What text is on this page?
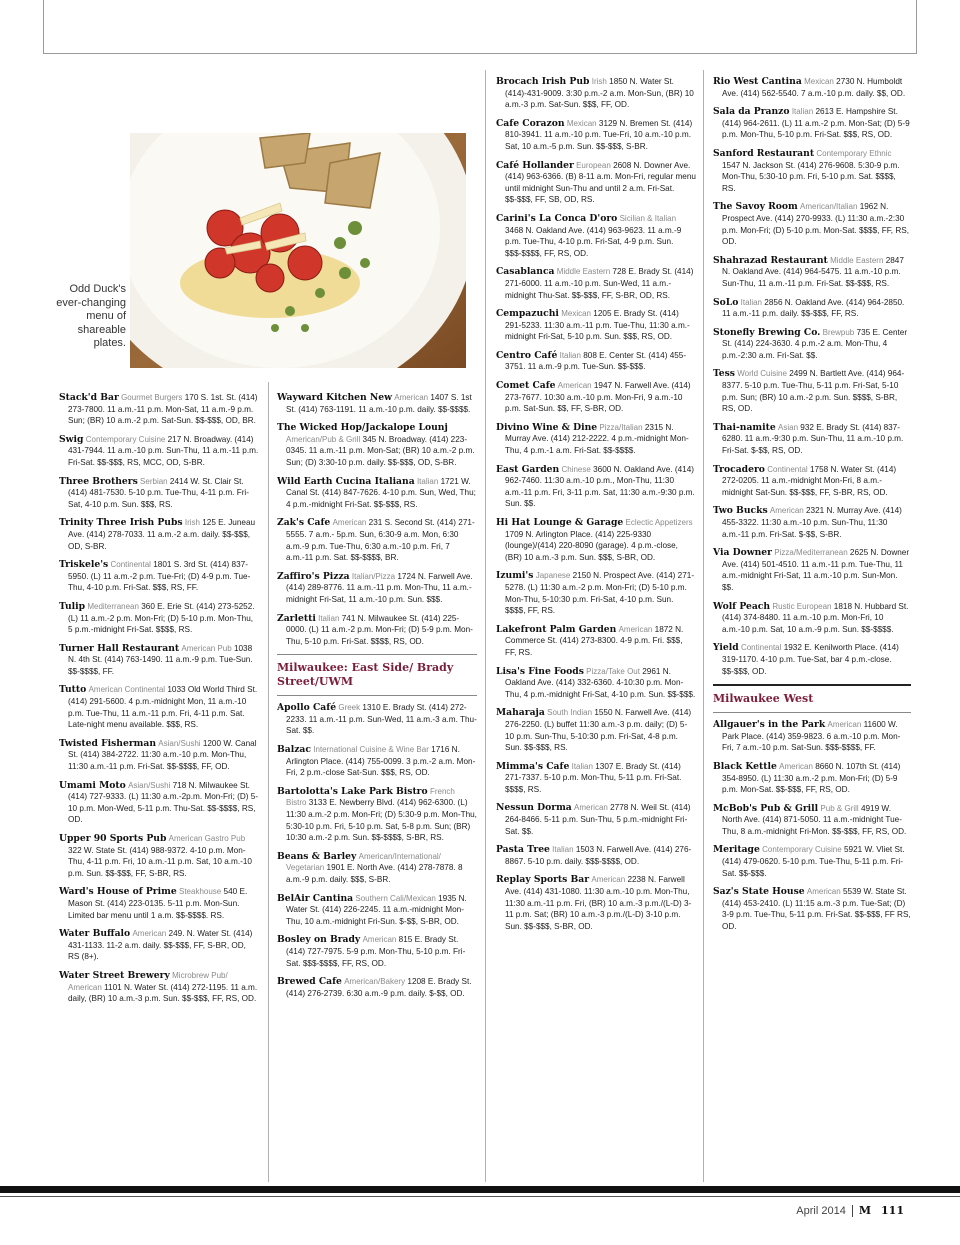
Odd Duck's ever-changing menu of shareable plates.
Stack'd Bar Gourmet Burgers 170 S. 1st. St. (414) 273-7800. 11 a.m.-11 p.m. Mon-Sat, 11 a.m.-9 p.m. Sun; (BR) 10 a.m.-2 p.m. Sat-Sun. $$-$$$, OD, BR.
Swig Contemporary Cuisine 217 N. Broadway. (414) 431-7944. 11 a.m.-10 p.m. Sun-Thu, 11 a.m.-11 p.m. Fri-Sat. $$-$$$, RS, MCC, OD, S-BR.
Three Brothers Serbian 2414 W. St. Clair St. (414) 481-7530. 5-10 p.m. Tue-Thu, 4-11 p.m. Fri-Sat, 4-10 p.m. Sun. $$$, RS.
Trinity Three Irish Pubs Irish 125 E. Juneau Ave. (414) 278-7033. 11 a.m.-2 a.m. daily. $$-$$$, OD, S-BR.
Triskele's Continental 1801 S. 3rd St. (414) 837-5950. (L) 11 a.m.-2 p.m. Tue-Fri; (D) 4-9 p.m. Tue-Thu, 4-10 p.m. Fri-Sat. $$$, RS, FF.
Tulip Mediterranean 360 E. Erie St. (414) 273-5252. (L) 11 a.m.-2 p.m. Mon-Fri; (D) 5-10 p.m. Mon-Thu, 5 p.m.-midnight Fri-Sat. $$$$, RS.
Turner Hall Restaurant American Pub 1038 N. 4th St. (414) 763-1490. 11 a.m.-9 p.m. Tue-Sun. $$-$$$$, FF.
Tutto American Continental 1033 Old World Third St. (414) 291-5600. 4 p.m.-midnight Mon, 11 a.m.-10 p.m. Tue-Thu, 11 a.m.-11 p.m. Fri, 4-11 p.m. Sat. Late-night menu available. $$$, RS.
Twisted Fisherman Asian/Sushi 1200 W. Canal St. (414) 384-2722. 11:30 a.m.-10 p.m. Mon-Thu, 11:30 a.m.-11 p.m. Fri-Sat. $$-$$$$, FF, OD.
Umami Moto Asian/Sushi 718 N. Milwaukee St. (414) 727-9333. (L) 11:30 a.m.-2p.m. Mon-Fri; (D) 5-10 p.m. Mon-Wed, 5-11 p.m. Thu-Sat. $$-$$$$, RS, OD.
Upper 90 Sports Pub American Gastro Pub 322 W. State St. (414) 988-9372. 4-10 p.m. Mon-Thu, 4-11 p.m. Fri, 10 a.m.-11 p.m. Sat, 10 a.m.-10 p.m. Sun. $$-$$$, FF, S-BR, RS.
Ward's House of Prime Steakhouse 540 E. Mason St. (414) 223-0135. 5-11 p.m. Mon-Sun. Limited bar menu until 1 a.m. $$-$$$$. RS.
Water Buffalo American 249. N. Water St. (414) 431-1133. 11-2 a.m. daily. $$-$$$, FF, S-BR, OD, RS (8+).
Water Street Brewery Microbrew Pub/ American 1101 N. Water St. (414) 272-1195. 11 a.m. daily, (BR) 10 a.m.-3 p.m. Sun. $$-$$$, FF, RS, OD.
Wayward Kitchen New American 1407 S. 1st St. (414) 763-1191. 11 a.m.-10 p.m. daily. $$-$$$$.
The Wicked Hop/Jackalope Lounj American/Pub & Grill 345 N. Broadway. (414) 223-0345. 11 a.m.-11 p.m. Mon-Sat; (BR) 10 a.m.-2 p.m. Sun; (D) 3:30-10 p.m. daily. $$-$$$, OD, S-BR.
Wild Earth Cucina Italiana Italian 1721 W. Canal St. (414) 847-7626. 4-10 p.m. Sun, Wed, Thu; 4 p.m.-midnight Fri-Sat. $$-$$$, RS.
Zak's Cafe American 231 S. Second St. (414) 271-5555. 7 a.m.- 5p.m. Sun, 6:30-9 a.m. Mon, 6:30 a.m.-9 p.m. Tue-Thu, 6:30 a.m.-10 p.m. Fri, 7 a.m.-11 p.m. Sat. $$-$$$$, BR.
Zaffiro's Pizza Italian/Pizza 1724 N. Farwell Ave. (414) 289-8776. 11 a.m.-11 p.m. Mon-Thu, 11 a.m.-midnight Fri-Sat, 11 a.m.-10 p.m. Sun. $$$.
Zarletti Italian 741 N. Milwaukee St. (414) 225-0000. (L) 11 a.m.-2 p.m. Mon-Fri; (D) 5-9 p.m. Mon-Thu, 5-10 p.m. Fri-Sat. $$$$, RS, OD.
Milwaukee: East Side/ Brady Street/UWM
Apollo Café Greek 1310 E. Brady St. (414) 272-2233. 11 a.m.-11 p.m. Sun-Wed, 11 a.m.-3 a.m. Thu-Sat. $$.
Balzac International Cuisine & Wine Bar 1716 N. Arlington Place. (414) 755-0099. 3 p.m.-2 a.m. Mon-Fri, 2 p.m.-close Sat-Sun. $$$, RS, OD.
Bartolotta's Lake Park Bistro French Bistro 3133 E. Newberry Blvd. (414) 962-6300. (L) 11:30 a.m.-2 p.m. Mon-Fri; (D) 5:30-9 p.m. Mon-Thu, 5:30-10 p.m. Fri, 5-10 p.m. Sat, 5-8 p.m. Sun; (BR) 10:30 a.m.-2 p.m. Sun. $$-$$$$, S-BR, RS.
Beans & Barley American/International/ Vegetarian 1901 E. North Ave. (414) 278-7878. 8 a.m.-9 p.m. daily. $$$, S-BR.
BelAir Cantina Southern Cali/Mexican 1935 N. Water St. (414) 226-2245. 11 a.m.-midnight Mon-Thu, 10 a.m.-midnight Fri-Sun. $-$$, S-BR, OD.
Bosley on Brady American 815 E. Brady St. (414) 727-7975. 5-9 p.m. Mon-Thu, 5-10 p.m. Fri-Sat. $$$-$$$$, FF, RS, OD.
Brewed Cafe American/Bakery 1208 E. Brady St. (414) 276-2739. 6:30 a.m.-9 p.m. daily. $-$$, OD.
Brocach Irish Pub Irish 1850 N. Water St. (414)-431-9009. 3:30 p.m.-2 a.m. Mon-Sun, (BR) 10 a.m.-3 p.m. Sat-Sun. $$$, FF, OD.
Cafe Corazon Mexican 3129 N. Bremen St. (414) 810-3941. 11 a.m.-10 p.m. Tue-Fri, 10 a.m.-10 p.m. Sat, 10 a.m.-5 p.m. Sun. $$-$$$, S-BR.
Café Hollander European 2608 N. Downer Ave. (414) 963-6366. (B) 8-11 a.m. Mon-Fri, regular menu until midnight Sun-Thu and until 2 a.m. Fri-Sat. $$-$$$, FF, SB, OD, RS.
Carini's La Conca D'oro Sicilian & Italian 3468 N. Oakland Ave. (414) 963-9623. 11 a.m.-9 p.m. Tue-Thu, 4-10 p.m. Fri-Sat, 4-9 p.m. Sun. $$$-$$$$, FF, RS, OD.
Casablanca Middle Eastern 728 E. Brady St. (414) 271-6000. 11 a.m.-10 p.m. Sun-Wed, 11 a.m.-midnight Thu-Sat. $$-$$$, FF, S-BR, OD, RS.
Cempazuchi Mexican 1205 E. Brady St. (414) 291-5233. 11:30 a.m.-11 p.m. Tue-Thu, 11:30 a.m.-midnight Fri-Sat, 5-10 p.m. Sun. $$$, RS, OD.
Centro Café Italian 808 E. Center St. (414) 455-3751. 11 a.m.-9 p.m. Tue-Sun. $$-$$$.
Comet Cafe American 1947 N. Farwell Ave. (414) 273-7677. 10:30 a.m.-10 p.m. Mon-Fri, 9 a.m.-10 p.m. Sat-Sun. $$, FF, S-BR, OD.
Divino Wine & Dine Pizza/Italian 2315 N. Murray Ave. (414) 212-2222. 4 p.m.-midnight Mon-Thu, 4 p.m.-1 a.m. Fri-Sat. $$-$$$$.
East Garden Chinese 3600 N. Oakland Ave. (414) 962-7460. 11:30 a.m.-10 p.m., Mon-Thu, 11:30 a.m.-11 p.m. Fri, 3-11 p.m. Sat, 11:30 a.m.-9:30 p.m. Sun. $$.
Hi Hat Lounge & Garage Eclectic Appetizers 1709 N. Arlington Place. (414) 225-9330 (lounge)/(414) 220-8090 (garage). 4 p.m.-close, (BR) 10 a.m.-3 p.m. Sun. $$$, S-BR, OD.
Izumi's Japanese 2150 N. Prospect Ave. (414) 271-5278. (L) 11:30 a.m.-2 p.m. Mon-Fri; (D) 5-10 p.m. Mon-Thu, 5-10:30 p.m. Fri-Sat, 4-10 p.m. Sun. $$$$, FF, RS.
Lakefront Palm Garden American 1872 N. Commerce St. (414) 273-8300. 4-9 p.m. Fri. $$$, FF, RS.
Lisa's Fine Foods Pizza/Take Out 2961 N. Oakland Ave. (414) 332-6360. 4-10:30 p.m. Mon-Thu, 4 p.m.-midnight Fri-Sat, 4-10 p.m. Sun. $$-$$$.
Maharaja South Indian 1550 N. Farwell Ave. (414) 276-2250. (L) buffet 11:30 a.m.-3 p.m. daily; (D) 5-10 p.m. Sun-Thu, 5-10:30 p.m. Fri-Sat, 4-8 p.m. Sun. $$-$$$, RS.
Mimma's Cafe Italian 1307 E. Brady St. (414) 271-7337. 5-10 p.m. Mon-Thu, 5-11 p.m. Fri-Sat. $$$$, RS.
Nessun Dorma American 2778 N. Weil St. (414) 264-8466. 5-11 p.m. Sun-Thu, 5 p.m.-midnight Fri-Sat. $$.
Pasta Tree Italian 1503 N. Farwell Ave. (414) 276-8867. 5-10 p.m. daily. $$$-$$$$, OD.
Replay Sports Bar American 2238 N. Farwell Ave. (414) 431-1080. 11:30 a.m.-10 p.m. Mon-Thu, 11:30 a.m.-11 p.m. Fri, (BR) 10 a.m.-3 p.m./(L-D) 3-11 p.m. Sat; (BR) 10 a.m.-3 p.m./(L-D) 3-10 p.m. Sun. $$-$$$, S-BR, OD.
Rio West Cantina Mexican 2730 N. Humboldt Ave. (414) 562-5540. 7 a.m.-10 p.m. daily. $$, OD.
Sala da Pranzo Italian 2613 E. Hampshire St. (414) 964-2611. (L) 11 a.m.-2 p.m. Mon-Sat; (D) 5-9 p.m. Mon-Thu, 5-10 p.m. Fri-Sat. $$$, RS, OD.
Sanford Restaurant Contemporary Ethnic 1547 N. Jackson St. (414) 276-9608. 5:30-9 p.m. Mon-Thu, 5:30-10 p.m. Fri, 5-10 p.m. Sat. $$$$, RS.
The Savoy Room American/Italian 1962 N. Prospect Ave. (414) 270-9933. (L) 11:30 a.m.-2:30 p.m. Mon-Fri; (D) 5-10 p.m. Mon-Sat. $$$$, FF, RS, OD.
Shahrazad Restaurant Middle Eastern 2847 N. Oakland Ave. (414) 964-5475. 11 a.m.-10 p.m. Sun-Thu, 11 a.m.-11 p.m. Fri-Sat. $$-$$$, RS.
SoLo Italian 2856 N. Oakland Ave. (414) 964-2850. 11 a.m.-11 p.m. daily. $$-$$$, FF, RS.
Stonefly Brewing Co. Brewpub 735 E. Center St. (414) 224-3630. 4 p.m.-2 a.m. Mon-Thu, 4 p.m.-2:30 a.m. Fri-Sat. $$.
Tess World Cuisine 2499 N. Bartlett Ave. (414) 964-8377. 5-10 p.m. Tue-Thu, 5-11 p.m. Fri-Sat, 5-10 p.m. Sun; (BR) 10 a.m.-2 p.m. Sun. $$$$, S-BR, RS, OD.
Thai-namite Asian 932 E. Brady St. (414) 837-6280. 11 a.m.-9:30 p.m. Sun-Thu, 11 a.m.-10 p.m. Fri-Sat. $-$$, RS, OD.
Trocadero Continental 1758 N. Water St. (414) 272-0205. 11 a.m.-midnight Mon-Fri, 8 a.m.-midnight Sat-Sun. $$-$$$, FF, S-BR, RS, OD.
Two Bucks American 2321 N. Murray Ave. (414) 455-3322. 11:30 a.m.-10 p.m. Sun-Thu, 11:30 a.m.-11 p.m. Fri-Sat. $-$$, S-BR.
Via Downer Pizza/Mediterranean 2625 N. Downer Ave. (414) 501-4510. 11 a.m.-11 p.m. Tue-Thu, 11 a.m.-midnight Fri-Sat, 11 a.m.-10 p.m. Sun-Mon. $$.
Wolf Peach Rustic European 1818 N. Hubbard St. (414) 374-8480. 11 a.m.-10 p.m. Mon-Fri, 10 a.m.-10 p.m. Sat, 10 a.m.-9 p.m. Sun. $$-$$$$.
Yield Continental 1932 E. Kenilworth Place. (414) 319-1170. 4-10 p.m. Tue-Sat, bar 4 p.m.-close. $$-$$$, OD.
Milwaukee West
Allgauer's in the Park American 11600 W. Park Place. (414) 359-9823. 6 a.m.-10 p.m. Mon-Fri, 7 a.m.-10 p.m. Sat-Sun. $$$-$$$$, FF.
Black Kettle American 8660 N. 107th St. (414) 354-8950. (L) 11:30 a.m.-2 p.m. Mon-Fri; (D) 5-9 p.m. Mon-Sat. $$-$$$, FF, RS, OD.
McBob's Pub & Grill Pub & Grill 4919 W. North Ave. (414) 871-5050. 11 a.m.-midnight Tue-Thu, 8 a.m.-midnight Fri-Mon. $$-$$$, FF, RS, OD.
Meritage Contemporary Cuisine 5921 W. Vliet St. (414) 479-0620. 5-10 p.m. Tue-Thu, 5-11 p.m. Fri-Sat. $$-$$$.
Saz's State House American 5539 W. State St. (414) 453-2410. (L) 11:15 a.m.-3 p.m. Tue-Sat; (D) 3-9 p.m. Tue-Thu, 5-11 p.m. Fri-Sat. $$-$$$, FF RS, OD.
April 2014 M 111
